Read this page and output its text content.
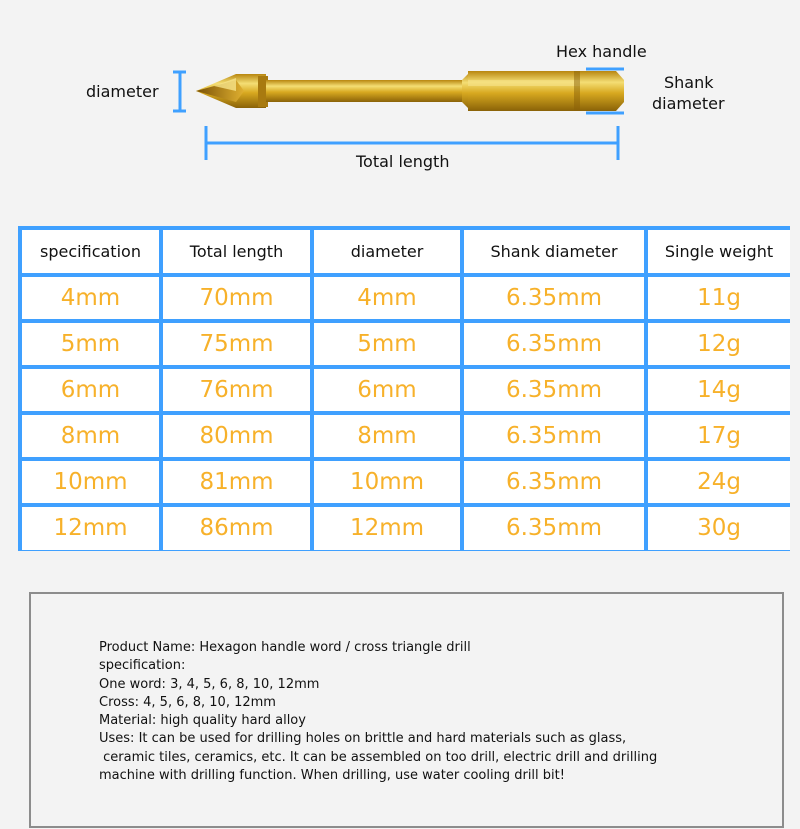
diameter
Hex handle
Shank
diameter
Total length
specification	Total length	diameter	Shank diameter	Single weight
4mm	70mm	4mm	6.35mm	11g
5mm	75mm	5mm	6.35mm	12g
6mm	76mm	6mm	6.35mm	14g
8mm	80mm	8mm	6.35mm	17g
10mm	81mm	10mm	6.35mm	24g
12mm	86mm	12mm	6.35mm	30g
Product Name: Hexagon handle word / cross triangle drill
specification:
One word: 3, 4, 5, 6, 8, 10, 12mm
Cross: 4, 5, 6, 8, 10, 12mm
Material: high quality hard alloy
Uses: It can be used for drilling holes on brittle and hard materials such as glass,
ceramic tiles, ceramics, etc. It can be assembled on too drill, electric drill and drilling
machine with drilling function. When drilling, use water cooling drill bit!
